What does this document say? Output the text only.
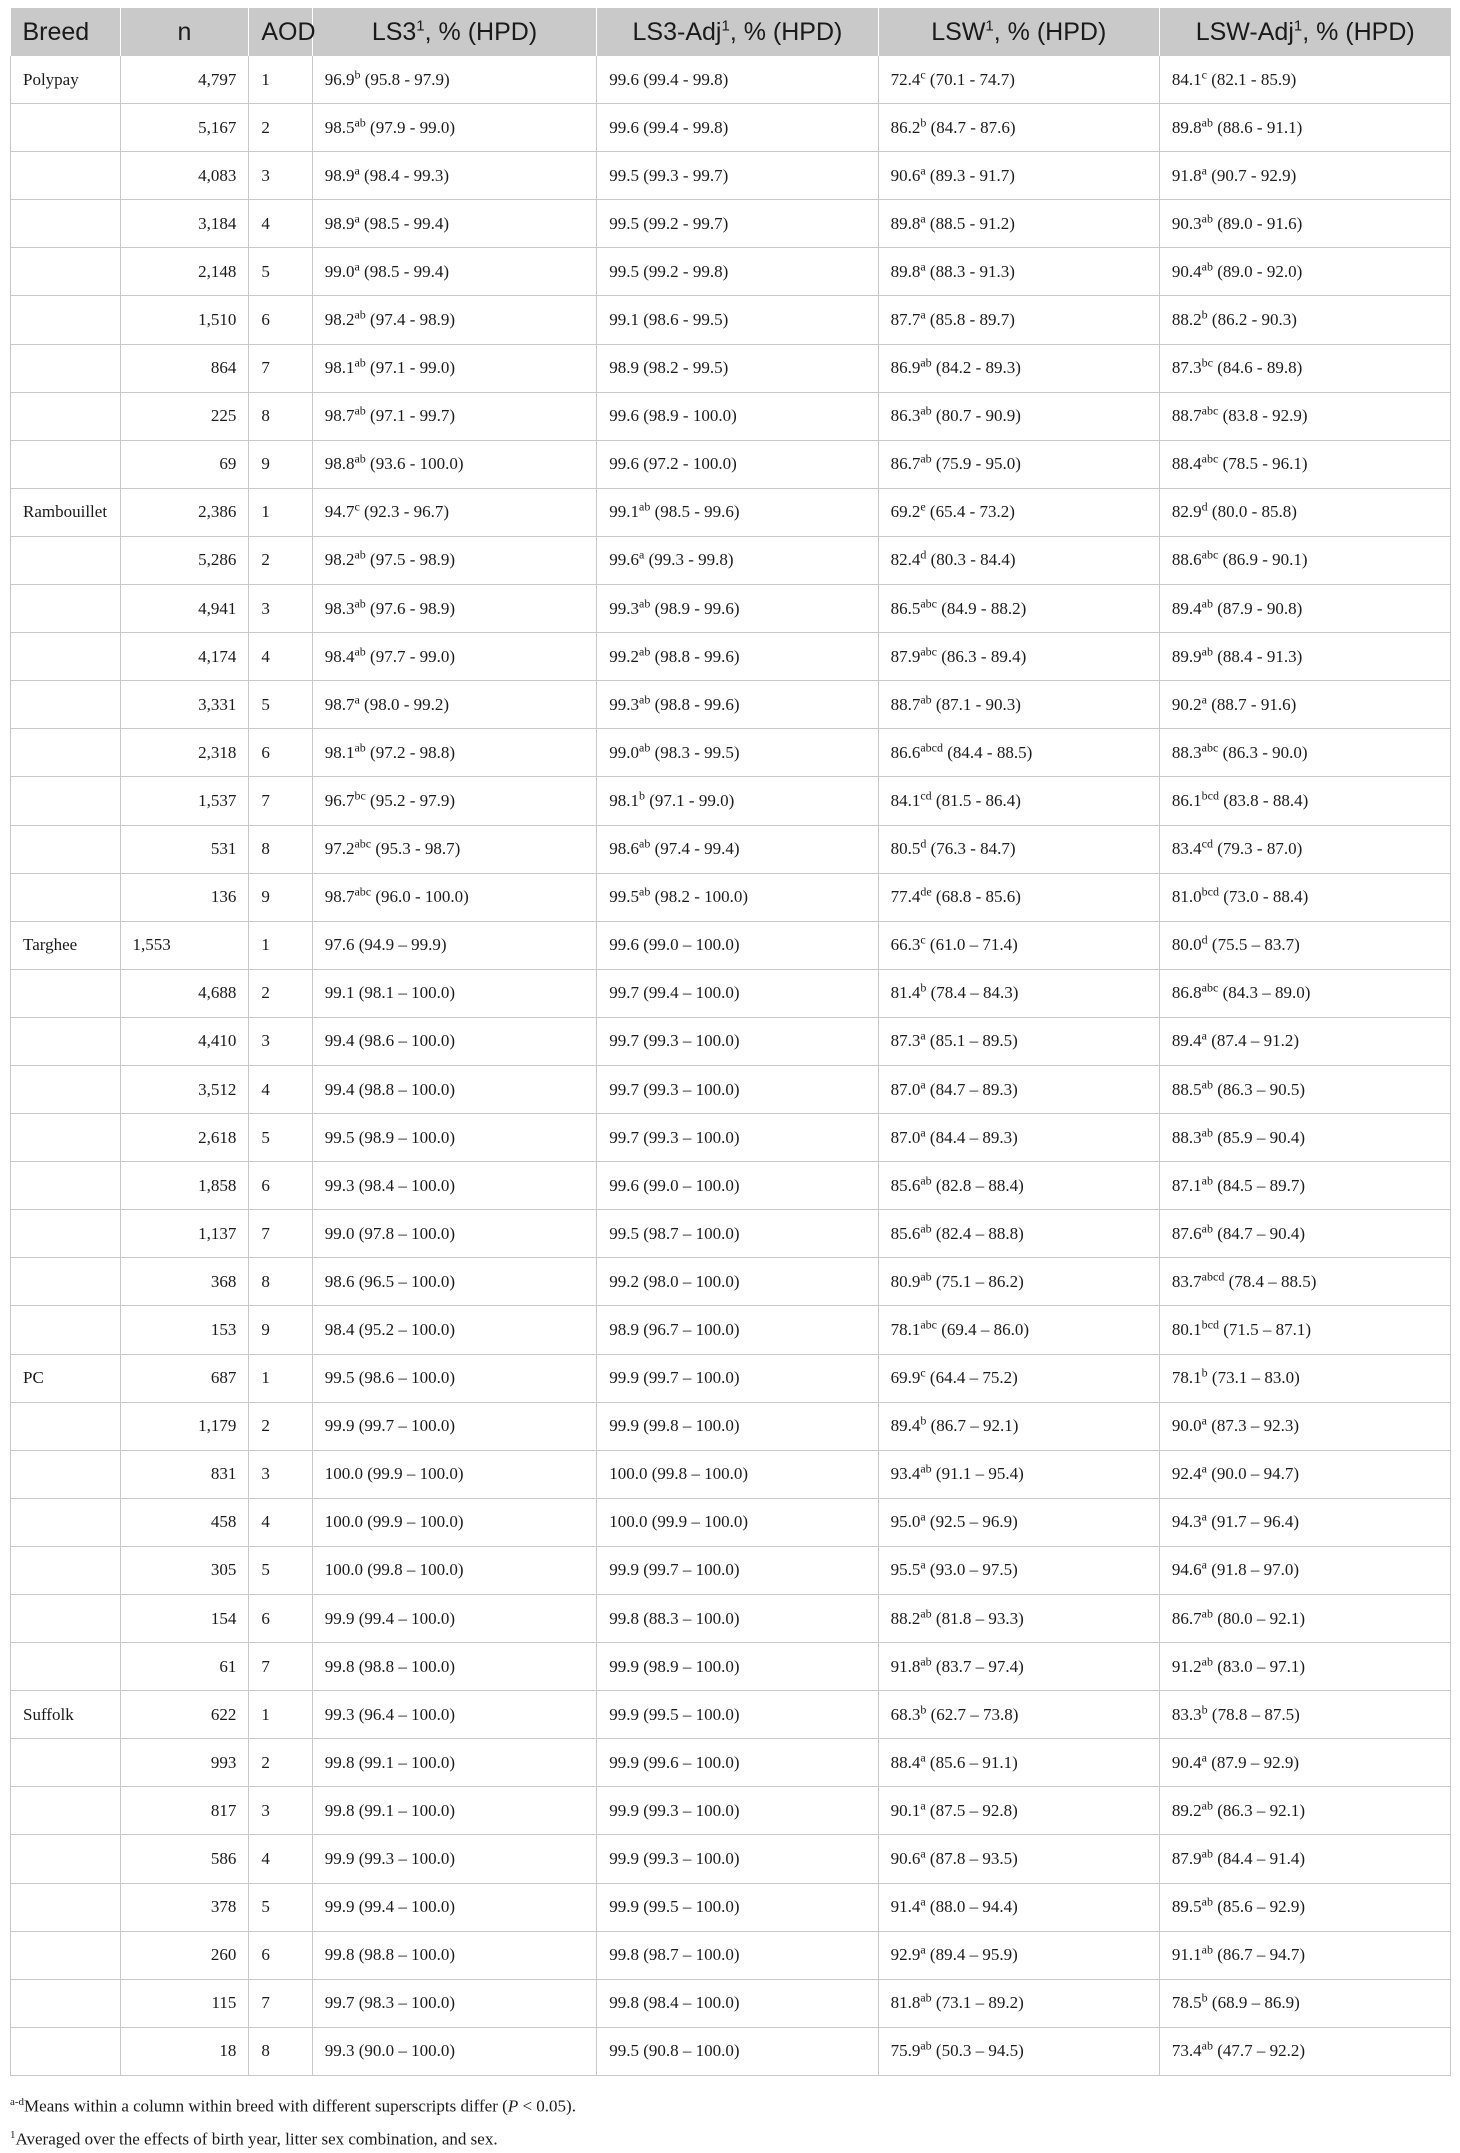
Breed	n	AOD	$LS3^1$, % (HPD)	LS3-Adj$^1$, % (HPD)	LSW$^1$, % (HPD)	LSW-Adj$^1$, % (HPD)
Polypay	4,797	1	96.9$^b$ (95.8 - 97.9)	99.6 (99.4 - 99.8)	72.4$^c$ (70.1 - 74.7)	84.1$^c$ (82.1 - 85.9)
	5,167	2	98.5$^{ab}$ (97.9 - 99.0)	99.6 (99.4 - 99.8)	86.2$^b$ (84.7 - 87.6)	89.8$^{ab}$ (88.6 - 91.1)
	4,083	3	98.9$^a$ (98.4 - 99.3)	99.5 (99.3 - 99.7)	90.6$^a$ (89.3 - 91.7)	91.8$^a$ (90.7 - 92.9)
	3,184	4	98.9$^a$ (98.5 - 99.4)	99.5 (99.2 - 99.7)	89.8$^a$ (88.5 - 91.2)	90.3$^{ab}$ (89.0 - 91.6)
	2,148	5	99.0$^a$ (98.5 - 99.4)	99.5 (99.2 - 99.8)	89.8$^a$ (88.3 - 91.3)	90.4$^{ab}$ (89.0 - 92.0)
	1,510	6	98.2$^{ab}$ (97.4 - 98.9)	99.1 (98.6 - 99.5)	87.7$^a$ (85.8 - 89.7)	88.2$^b$ (86.2 - 90.3)
	864	7	98.1$^{ab}$ (97.1 - 99.0)	98.9 (98.2 - 99.5)	86.9$^{ab}$ (84.2 - 89.3)	87.3$^{bc}$ (84.6 - 89.8)
	225	8	98.7$^{ab}$ (97.1 - 99.7)	99.6 (98.9 - 100.0)	86.3$^{ab}$ (80.7 - 90.9)	88.7$^{abc}$ (83.8 - 92.9)
	69	9	98.8$^{ab}$ (93.6 - 100.0)	99.6 (97.2 - 100.0)	86.7$^{ab}$ (75.9 - 95.0)	88.4$^{abc}$ (78.5 - 96.1)
Rambouillet	2,386	1	94.7$^c$ (92.3 - 96.7)	99.1$^{ab}$ (98.5 - 99.6)	69.2e (65.4 - 73.2)	82.9$^d$ (80.0 - 85.8)
	5,286	2	98.2$^{ab}$ (97.5 - 98.9)	99.6$^a$ (99.3 - 99.8)	82.4$^d$ (80.3 - 84.4)	88.6$^{abc}$ (86.9 - 90.1)
	4,941	3	98.3$^{ab}$ (97.6 - 98.9)	99.3$^{ab}$ (98.9 - 99.6)	86.5$^{abc}$ (84.9 - 88.2)	89.4$^{ab}$ (87.9 - 90.8)
	4,174	4	98.4$^{ab}$ (97.7 - 99.0)	99.2$^{ab}$ (98.8 - 99.6)	87.9$^{abc}$ (86.3 - 89.4)	89.9$^{ab}$ (88.4 - 91.3)
	3,331	5	98.7$^a$ (98.0 - 99.2)	99.3$^{ab}$ (98.8 - 99.6)	88.7$^{ab}$ (87.1 - 90.3)	90.2$^a$ (88.7 - 91.6)
	2,318	6	98.1$^{ab}$ (97.2 - 98.8)	99.0$^{ab}$ (98.3 - 99.5)	$86.6^{abcd}$ (84.4 - 88.5)	88.3$^{abc}$ (86.3 - 90.0)
	1,537	7	96.7$^{bc}$ (95.2 - 97.9)	98.1$^b$ (97.1 - 99.0)	84.1$^{cd}$ (81.5 - 86.4)	86.1$^{bcd}$ (83.8 - 88.4)
	531	8	97.2$^{abc}$ (95.3 - 98.7)	98.6$^{ab}$ (97.4 - 99.4)	80.5$^d$ (76.3 - 84.7)	83.4$^{cd}$ (79.3 - 87.0)
	136	9	98.7$^{abc}$ (96.0 - 100.0)	99.5$^{ab}$ (98.2 - 100.0)	77.4de (68.8 - 85.6)	81.0$^{bcd}$ (73.0 - 88.4)
Targhee	1,553	1	97.6 (94.9 – 99.9)	99.6 (99.0 – 100.0)	66.3$^c$ (61.0 – 71.4)	80.0$^d$ (75.5 – 83.7)
	4,688	2	99.1 (98.1 – 100.0)	99.7 (99.4 – 100.0)	81.4$^b$ (78.4 – 84.3)	86.8$^{abc}$ (84.3 – 89.0)
	4,410	3	99.4 (98.6 – 100.0)	99.7 (99.3 – 100.0)	87.3$^a$ (85.1 – 89.5)	89.4$^a$ (87.4 – 91.2)
	3,512	4	99.4 (98.8 – 100.0)	99.7 (99.3 – 100.0)	87.0$^a$ (84.7 – 89.3)	88.5$^{ab}$ (86.3 – 90.5)
	2,618	5	99.5 (98.9 – 100.0)	99.7 (99.3 – 100.0)	87.0$^a$ (84.4 – 89.3)	88.3$^{ab}$ (85.9 – 90.4)
	1,858	6	99.3 (98.4 – 100.0)	99.6 (99.0 – 100.0)	85.6$^{ab}$ (82.8 – 88.4)	87.1$^{ab}$ (84.5 – 89.7)
	1,137	7	99.0 (97.8 – 100.0)	99.5 (98.7 – 100.0)	85.6$^{ab}$ (82.4 – 88.8)	87.6$^{ab}$ (84.7 – 90.4)
	368	8	98.6 (96.5 – 100.0)	99.2 (98.0 – 100.0)	80.9$^{ab}$ (75.1 – 86.2)	$83.7^{abcd}$ (78.4 – 88.5)
	153	9	98.4 (95.2 – 100.0)	98.9 (96.7 – 100.0)	78.1$^{abc}$ (69.4 – 86.0)	80.1$^{bcd}$ (71.5 – 87.1)
PC	687	1	99.5 (98.6 – 100.0)	99.9 (99.7 – 100.0)	69.9$^c$ (64.4 – 75.2)	78.1$^b$ (73.1 – 83.0)
	1,179	2	99.9 (99.7 – 100.0)	99.9 (99.8 – 100.0)	89.4$^b$ (86.7 – 92.1)	90.0$^a$ (87.3 – 92.3)
	831	3	100.0 (99.9 – 100.0)	100.0 (99.8 – 100.0)	93.4$^{ab}$ (91.1 – 95.4)	92.4$^a$ (90.0 – 94.7)
	458	4	100.0 (99.9 – 100.0)	100.0 (99.9 – 100.0)	95.0$^a$ (92.5 – 96.9)	94.3$^a$ (91.7 – 96.4)
	305	5	100.0 (99.8 – 100.0)	99.9 (99.7 – 100.0)	95.5$^a$ (93.0 – 97.5)	94.6$^a$ (91.8 – 97.0)
	154	6	99.9 (99.4 – 100.0)	99.8 (88.3 – 100.0)	88.2$^{ab}$ (81.8 – 93.3)	86.7$^{ab}$ (80.0 – 92.1)
	61	7	99.8 (98.8 – 100.0)	99.9 (98.9 – 100.0)	91.8$^{ab}$ (83.7 – 97.4)	91.2$^{ab}$ (83.0 – 97.1)
Suffolk	622	1	99.3 (96.4 – 100.0)	99.9 (99.5 – 100.0)	68.3$^b$ (62.7 – 73.8)	83.3$^b$ (78.8 – 87.5)
	993	2	99.8 (99.1 – 100.0)	99.9 (99.6 – 100.0)	88.4$^a$ (85.6 – 91.1)	90.4$^a$ (87.9 – 92.9)
	817	3	99.8 (99.1 – 100.0)	99.9 (99.3 – 100.0)	90.1$^a$ (87.5 – 92.8)	89.2$^{ab}$ (86.3 – 92.1)
	586	4	99.9 (99.3 – 100.0)	99.9 (99.3 – 100.0)	90.6$^a$ (87.8 – 93.5)	87.9$^{ab}$ (84.4 – 91.4)
	378	5	99.9 (99.4 – 100.0)	99.9 (99.5 – 100.0)	91.4$^a$ (88.0 – 94.4)	89.5$^{ab}$ (85.6 – 92.9)
	260	6	99.8 (98.8 – 100.0)	99.8 (98.7 – 100.0)	92.9$^a$ (89.4 – 95.9)	91.1$^{ab}$ (86.7 – 94.7)
	115	7	99.7 (98.3 – 100.0)	99.8 (98.4 – 100.0)	81.8$^{ab}$ (73.1 – 89.2)	78.5$^b$ (68.9 – 86.9)
	18	8	99.3 (90.0 – 100.0)	99.5 (90.8 – 100.0)	75.9$^{ab}$ (50.3 – 94.5)	73.4$^{ab}$ (47.7 – 92.2)
$^{a-d}$Means within a column within breed with different superscripts differ (P < 0.05).
$^1$Averaged over the effects of birth year, litter sex combination, and sex.
